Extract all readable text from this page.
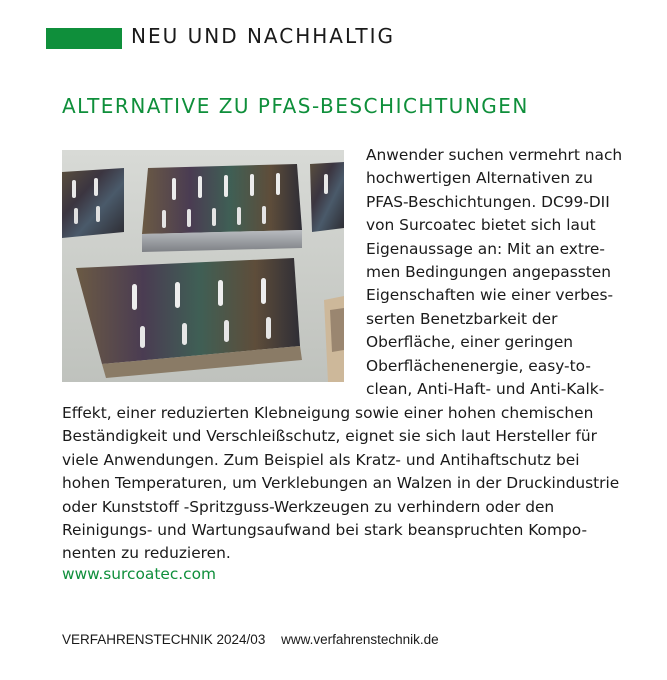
NEU UND NACHHALTIG
ALTERNATIVE ZU PFAS-BESCHICHTUNGEN

Anwender suchen vermehrt nach
hochwertigen Alternativen zu
PFAS-Beschichtungen. DC99-DII
von Surcoatec bietet sich laut
Eigenaussage an: Mit an extre-
men Bedingungen angepassten
Eigenschaften wie einer verbes-
serten Benetzbarkeit der
Oberfläche, einer geringen
Oberflächenenergie, easy-to-
clean, Anti-Haft- und Anti-Kalk-

Effekt, einer reduzierten Klebneigung sowie einer hohen chemischen
Beständigkeit und Verschleißschutz, eignet sie sich laut Hersteller für
viele Anwendungen. Zum Beispiel als Kratz- und Antihaftschutz bei
hohen Temperaturen, um Verklebungen an Walzen in der Druckindustrie
oder Kunststoff -Spritzguss-Werkzeugen zu verhindern oder den
Reinigungs- und Wartungsaufwand bei stark beanspruchten Kompo-
nenten zu reduzieren.

www.surcoatec.com
VERFAHRENSTECHNIK 2024/03 www.verfahrenstechnik.de
